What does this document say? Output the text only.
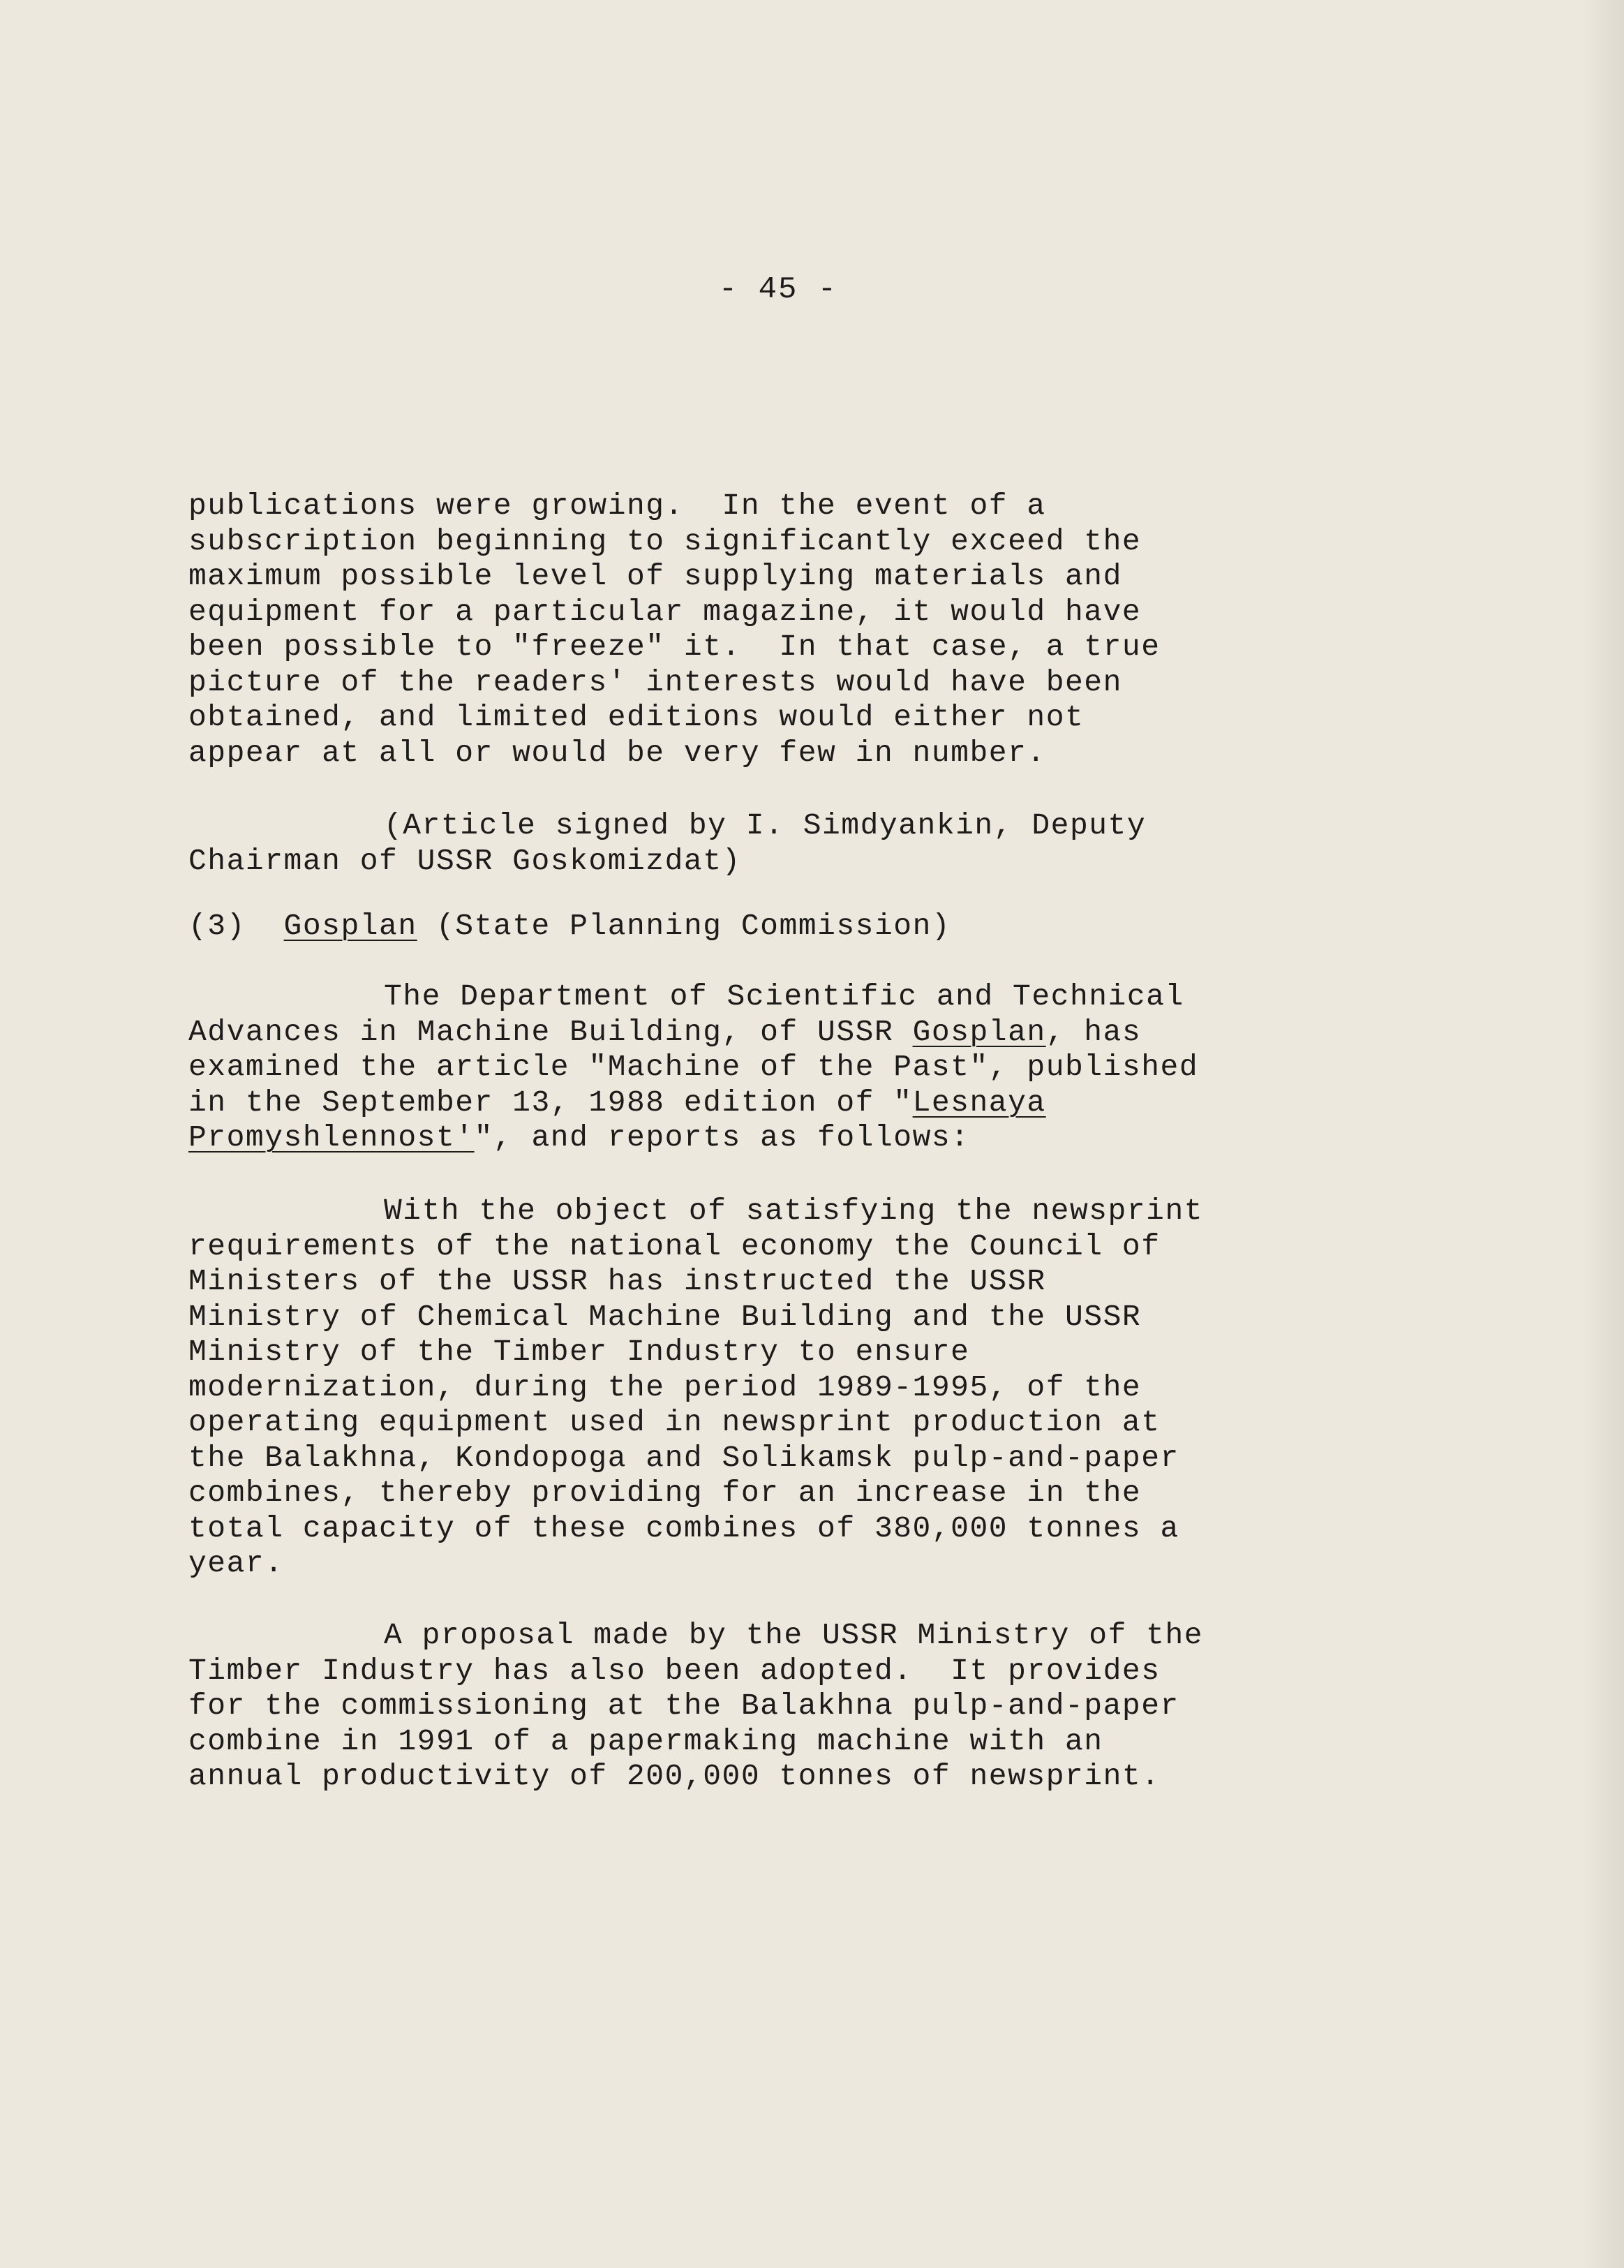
- 45 -
publications were growing.  In the event of a
subscription beginning to significantly exceed the
maximum possible level of supplying materials and
equipment for a particular magazine, it would have
been possible to "freeze" it.  In that case, a true
picture of the readers' interests would have been
obtained, and limited editions would either not
appear at all or would be very few in number.
(Article signed by I. Simdyankin, Deputy
Chairman of USSR Goskomizdat)
(3) Gosplan (State Planning Commission)
The Department of Scientific and Technical
Advances in Machine Building, of USSR Gosplan, has
examined the article "Machine of the Past", published
in the September 13, 1988 edition of "Lesnaya
Promyshlennost'", and reports as follows:
With the object of satisfying the newsprint
requirements of the national economy the Council of
Ministers of the USSR has instructed the USSR
Ministry of Chemical Machine Building and the USSR
Ministry of the Timber Industry to ensure
modernization, during the period 1989-1995, of the
operating equipment used in newsprint production at
the Balakhna, Kondopoga and Solikamsk pulp-and-paper
combines, thereby providing for an increase in the
total capacity of these combines of 380,000 tonnes a
year.
A proposal made by the USSR Ministry of the
Timber Industry has also been adopted.  It provides
for the commissioning at the Balakhna pulp-and-paper
combine in 1991 of a papermaking machine with an
annual productivity of 200,000 tonnes of newsprint.
